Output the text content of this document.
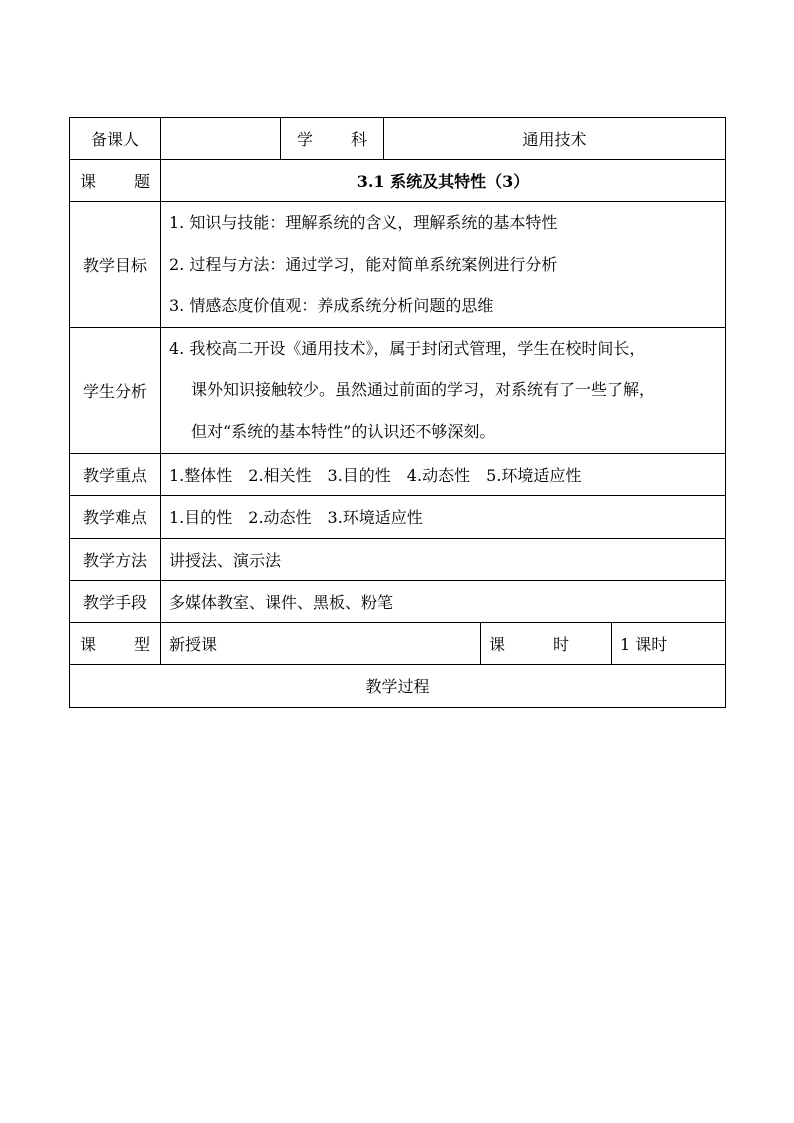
备课人		学　科	通用技术		
课　　题	3.1 系统及其特性（3）				
教学目标	1. 知识与技能：理解系统的含义，理解系统的基本特性
2. 过程与方法：通过学习，能对简单系统案例进行分析
3. 情感态度价值观：养成系统分析问题的思维				

学生分析	4. 我校高二开设《通用技术》，属于封闭式管理，学生在校时间长，
课外知识接触较少。虽然通过前面的学习，对系统有了一些了解，
但对“系统的基本特性”的认识还不够深刻。				

教学重点	1.整体性　2.相关性　3.目的性　4.动态性　5.环境适应性				
教学难点	1.目的性　2.动态性　3.环境适应性				
教学方法	讲授法、演示法				
教学手段	多媒体教室、课件、黑板、粉笔				
课　　型	新授课			课　　时	1 课时
教学过程					
